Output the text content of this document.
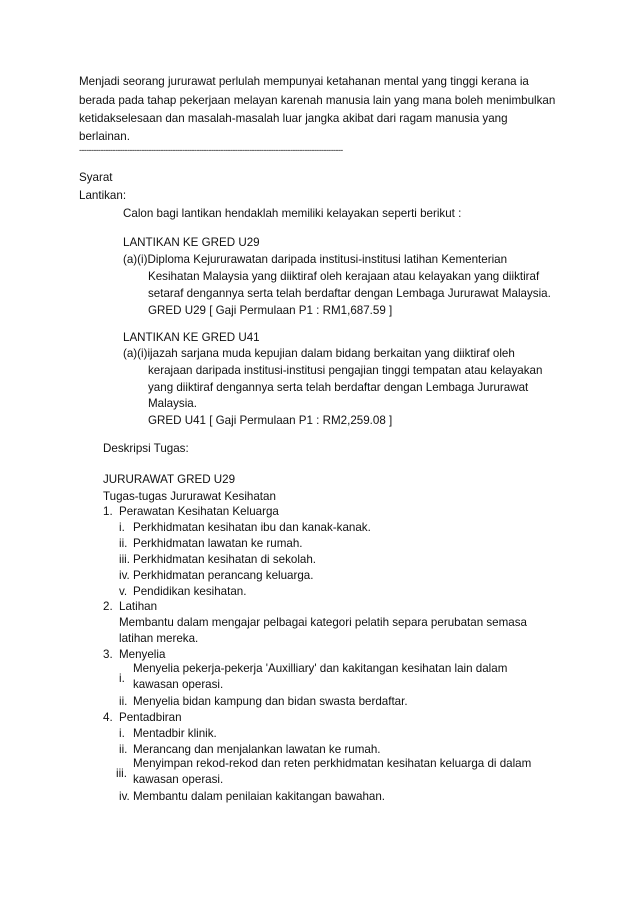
Menjadi seorang jururawat perlulah mempunyai ketahanan mental yang tinggi kerana ia
berada pada tahap pekerjaan melayan karenah manusia lain yang mana boleh menimbulkan
ketidakselesaan dan masalah-masalah luar jangka akibat dari ragam manusia yang
berlainan.
--------------------------------------------------------------------------------------------------------------
Syarat
Lantikan:
Calon bagi lantikan hendaklah memiliki kelayakan seperti berikut :
LANTIKAN KE GRED U29
(a)(i)Diploma Kejururawatan daripada institusi-institusi latihan Kementerian
Kesihatan Malaysia yang diiktiraf oleh kerajaan atau kelayakan yang diiktiraf
setaraf dengannya serta telah berdaftar dengan Lembaga Jururawat Malaysia.
GRED U29 [ Gaji Permulaan P1 : RM1,687.59 ]
LANTIKAN KE GRED U41
(a)(i)ijazah sarjana muda kepujian dalam bidang berkaitan yang diiktiraf oleh
kerajaan daripada institusi-institusi pengajian tinggi tempatan atau kelayakan
yang diiktiraf dengannya serta telah berdaftar dengan Lembaga Jururawat
Malaysia.
GRED U41 [ Gaji Permulaan P1 : RM2,259.08 ]
Deskripsi Tugas:
JURURAWAT GRED U29
Tugas-tugas Jururawat Kesihatan
1. Perawatan Kesihatan Keluarga
i. Perkhidmatan kesihatan ibu dan kanak-kanak.
ii. Perkhidmatan lawatan ke rumah.
iii. Perkhidmatan kesihatan di sekolah.
iv. Perkhidmatan perancang keluarga.
v. Pendidikan kesihatan.
2. Latihan
Membantu dalam mengajar pelbagai kategori pelatih separa perubatan semasa
latihan mereka.
3. Menyelia
i.
Menyelia pekerja-pekerja 'Auxilliary' dan kakitangan kesihatan lain dalam
kawasan operasi.
ii. Menyelia bidan kampung dan bidan swasta berdaftar.
4. Pentadbiran
i. Mentadbir klinik.
ii. Merancang dan menjalankan lawatan ke rumah.
iii.
Menyimpan rekod-rekod dan reten perkhidmatan kesihatan keluarga di dalam
kawasan operasi.
iv. Membantu dalam penilaian kakitangan bawahan.
